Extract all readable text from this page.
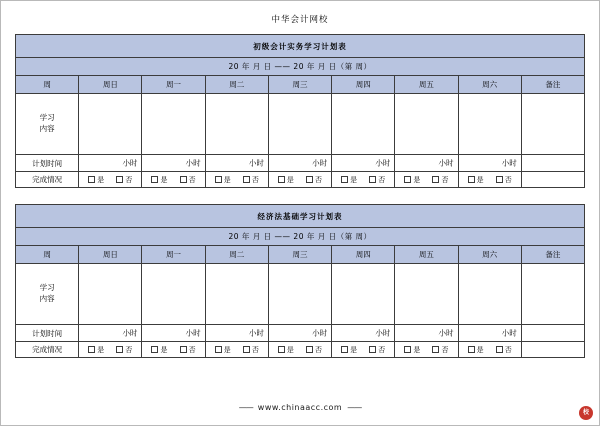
中华会计网校
初级会计实务学习计划表								
20 年 月 日 —— 20 年 月 日（第 周）								
周	周日	周一	周二	周三	周四	周五	周六	备注
学习
内容								
计划时间	小时	小时	小时	小时	小时	小时	小时	

完成情况	是 否	是 否	是 否	是 否	是 否	是 否	是 否	

经济法基础学习计划表								
20 年 月 日 —— 20 年 月 日（第 周）								
周	周日	周一	周二	周三	周四	周五	周六	备注
学习
内容								
计划时间	小时	小时	小时	小时	小时	小时	小时	

完成情况	是 否	是 否	是 否	是 否	是 否	是 否	是 否	

—— www.chinaacc.com ——
校
